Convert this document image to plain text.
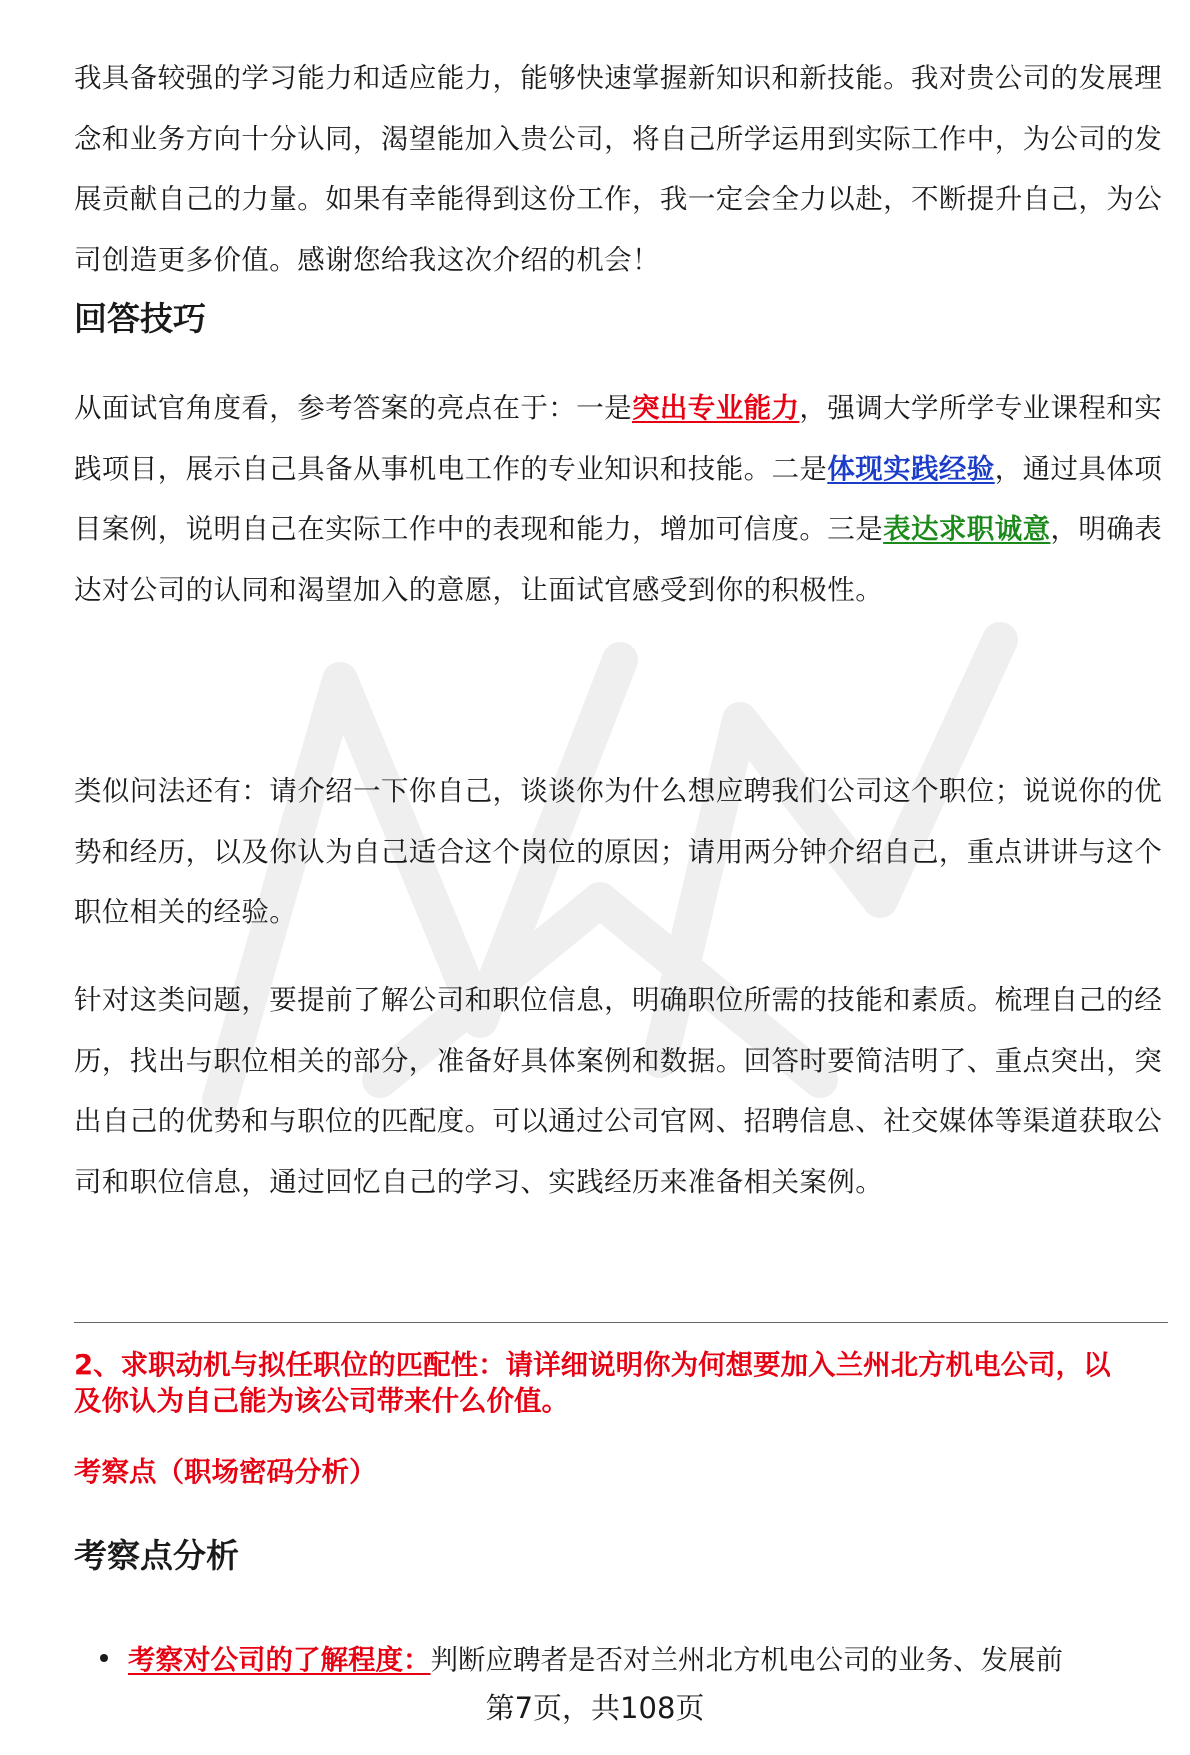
我具备较强的学习能力和适应能力，能够快速掌握新知识和新技能。我对贵公司的发展理念和业务方向十分认同，渴望能加入贵公司，将自己所学运用到实际工作中，为公司的发展贡献自己的力量。如果有幸能得到这份工作，我一定会全力以赴，不断提升自己，为公司创造更多价值。感谢您给我这次介绍的机会！

回答技巧

从面试官角度看，参考答案的亮点在于：一是突出专业能力，强调大学所学专业课程和实践项目，展示自己具备从事机电工作的专业知识和技能。二是体现实践经验，通过具体项目案例，说明自己在实际工作中的表现和能力，增加可信度。三是表达求职诚意，明确表达对公司的认同和渴望加入的意愿，让面试官感受到你的积极性。

类似问法还有：请介绍一下你自己，谈谈你为什么想应聘我们公司这个职位；说说你的优势和经历，以及你认为自己适合这个岗位的原因；请用两分钟介绍自己，重点讲讲与这个职位相关的经验。

针对这类问题，要提前了解公司和职位信息，明确职位所需的技能和素质。梳理自己的经历，找出与职位相关的部分，准备好具体案例和数据。回答时要简洁明了、重点突出，突出自己的优势和与职位的匹配度。可以通过公司官网、招聘信息、社交媒体等渠道获取公司和职位信息，通过回忆自己的学习、实践经历来准备相关案例。

2、求职动机与拟任职位的匹配性：请详细说明你为何想要加入兰州北方机电公司，以及你认为自己能为该公司带来什么价值。

考察点（职场密码分析）

考察点分析

考察对公司的了解程度：判断应聘者是否对兰州北方机电公司的业务、发展前

第7页，共108页
